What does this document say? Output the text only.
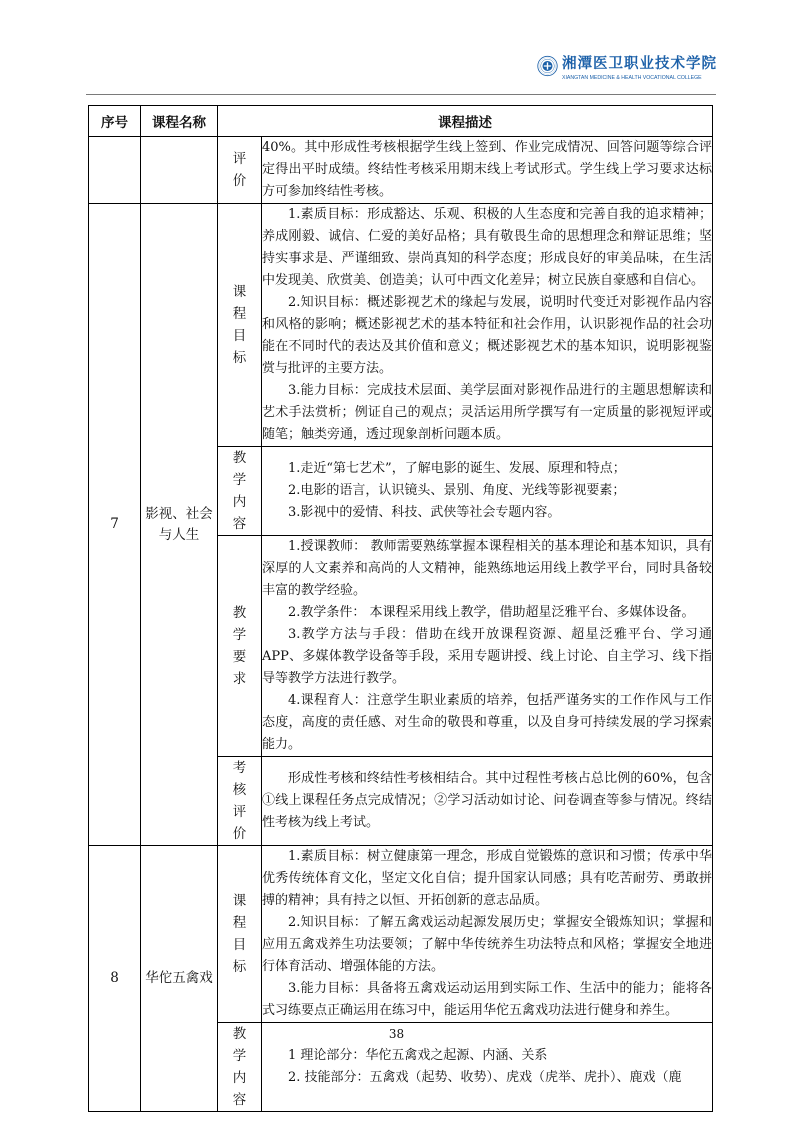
湘潭医卫职业技术学院
XIANGTAN MEDICINE & HEALTH VOCATIONAL COLLEGE
序号	课程名称	课程描述	

		评价	40%。其中形成性考核根据学生线上签到、作业完成情况、回答问题等综合评定得出平时成绩。终结性考核采用期末线上考试形式。学生线上学习要求达标方可参加终结性考核。

7	影视、社会与人生	课程目标	1.素质目标：形成豁达、乐观、积极的人生态度和完善自我的追求精神；养成刚毅、诚信、仁爱的美好品格；具有敬畏生命的思想理念和辩证思维；坚持实事求是、严谨细致、崇尚真知的科学态度；形成良好的审美品味，在生活中发现美、欣赏美、创造美；认可中西文化差异；树立民族自豪感和自信心。

2.知识目标：概述影视艺术的缘起与发展，说明时代变迁对影视作品内容和风格的影响；概述影视艺术的基本特征和社会作用，认识影视作品的社会功能在不同时代的表达及其价值和意义；概述影视艺术的基本知识，说明影视鉴赏与批评的主要方法。

3.能力目标：完成技术层面、美学层面对影视作品进行的主题思想解读和艺术手法赏析；例证自己的观点；灵活运用所学撰写有一定质量的影视短评或随笔；触类旁通，透过现象剖析问题本质。

		教学内容	1.走近“第七艺术”，了解电影的诞生、发展、原理和特点；

2.电影的语言，认识镜头、景别、角度、光线等影视要素；

3.影视中的爱情、科技、武侠等社会专题内容。

		教学要求	1.授课教师： 教师需要熟练掌握本课程相关的基本理论和基本知识，具有深厚的人文素养和高尚的人文精神，能熟练地运用线上教学平台，同时具备较丰富的教学经验。

2.教学条件： 本课程采用线上教学，借助超星泛雅平台、多媒体设备。

3.教学方法与手段：借助在线开放课程资源、超星泛雅平台、学习通APP、多媒体教学设备等手段，采用专题讲授、线上讨论、自主学习、线下指导等教学方法进行教学。

4.课程育人：注意学生职业素质的培养，包括严谨务实的工作作风与工作态度，高度的责任感、对生命的敬畏和尊重，以及自身可持续发展的学习探索能力。

		考核评价	形成性考核和终结性考核相结合。其中过程性考核占总比例的60%，包含①线上课程任务点完成情况；②学习活动如讨论、问卷调查等参与情况。终结性考核为线上考试。

8	华佗五禽戏	课程目标	1.素质目标：树立健康第一理念，形成自觉锻炼的意识和习惯；传承中华优秀传统体育文化，坚定文化自信；提升国家认同感；具有吃苦耐劳、勇敢拼搏的精神；具有持之以恒、开拓创新的意志品质。

2.知识目标：了解五禽戏运动起源发展历史；掌握安全锻炼知识；掌握和应用五禽戏养生功法要领；了解中华传统养生功法特点和风格；掌握安全地进行体育活动、增强体能的方法。

3.能力目标：具备将五禽戏运动运用到实际工作、生活中的能力；能将各式习练要点正确运用在练习中，能运用华佗五禽戏功法进行健身和养生。

		教学内容	1 理论部分：华佗五禽戏之起源、内涵、关系

2. 技能部分：五禽戏（起势、收势）、虎戏（虎举、虎扑）、鹿戏（鹿

38
